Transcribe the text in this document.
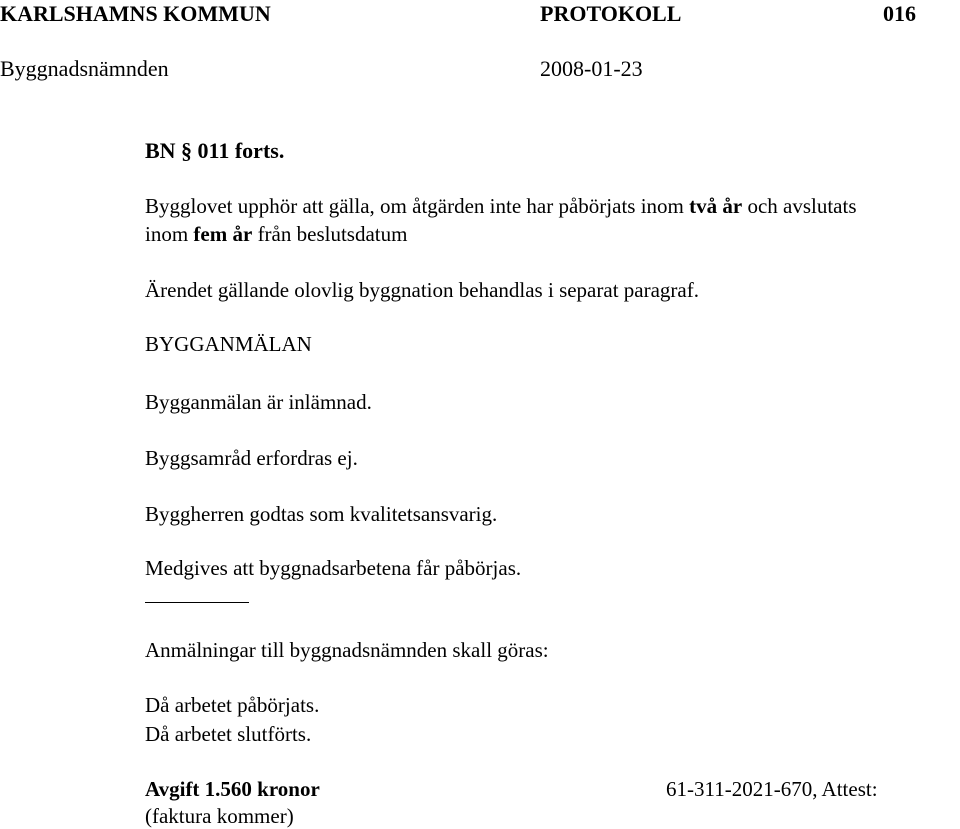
KARLSHAMNS KOMMUN	PROTOKOLL	016
Byggnadsnämnden	2008-01-23
BN § 011 forts.
Bygglovet upphör att gälla, om åtgärden inte har påbörjats inom två år och avslutats
inom fem år från beslutsdatum
Ärendet gällande olovlig byggnation behandlas i separat paragraf.
BYGGANMÄLAN
Bygganmälan är inlämnad.
Byggsamråd erfordras ej.
Byggherren godtas som kvalitetsansvarig.
Medgives att byggnadsarbetena får påbörjas.
Anmälningar till byggnadsnämnden skall göras:
Då arbetet påbörjats.
Då arbetet slutförts.
Avgift 1.560 kronor
(faktura kommer)
61-311-2021-670, Attest:
